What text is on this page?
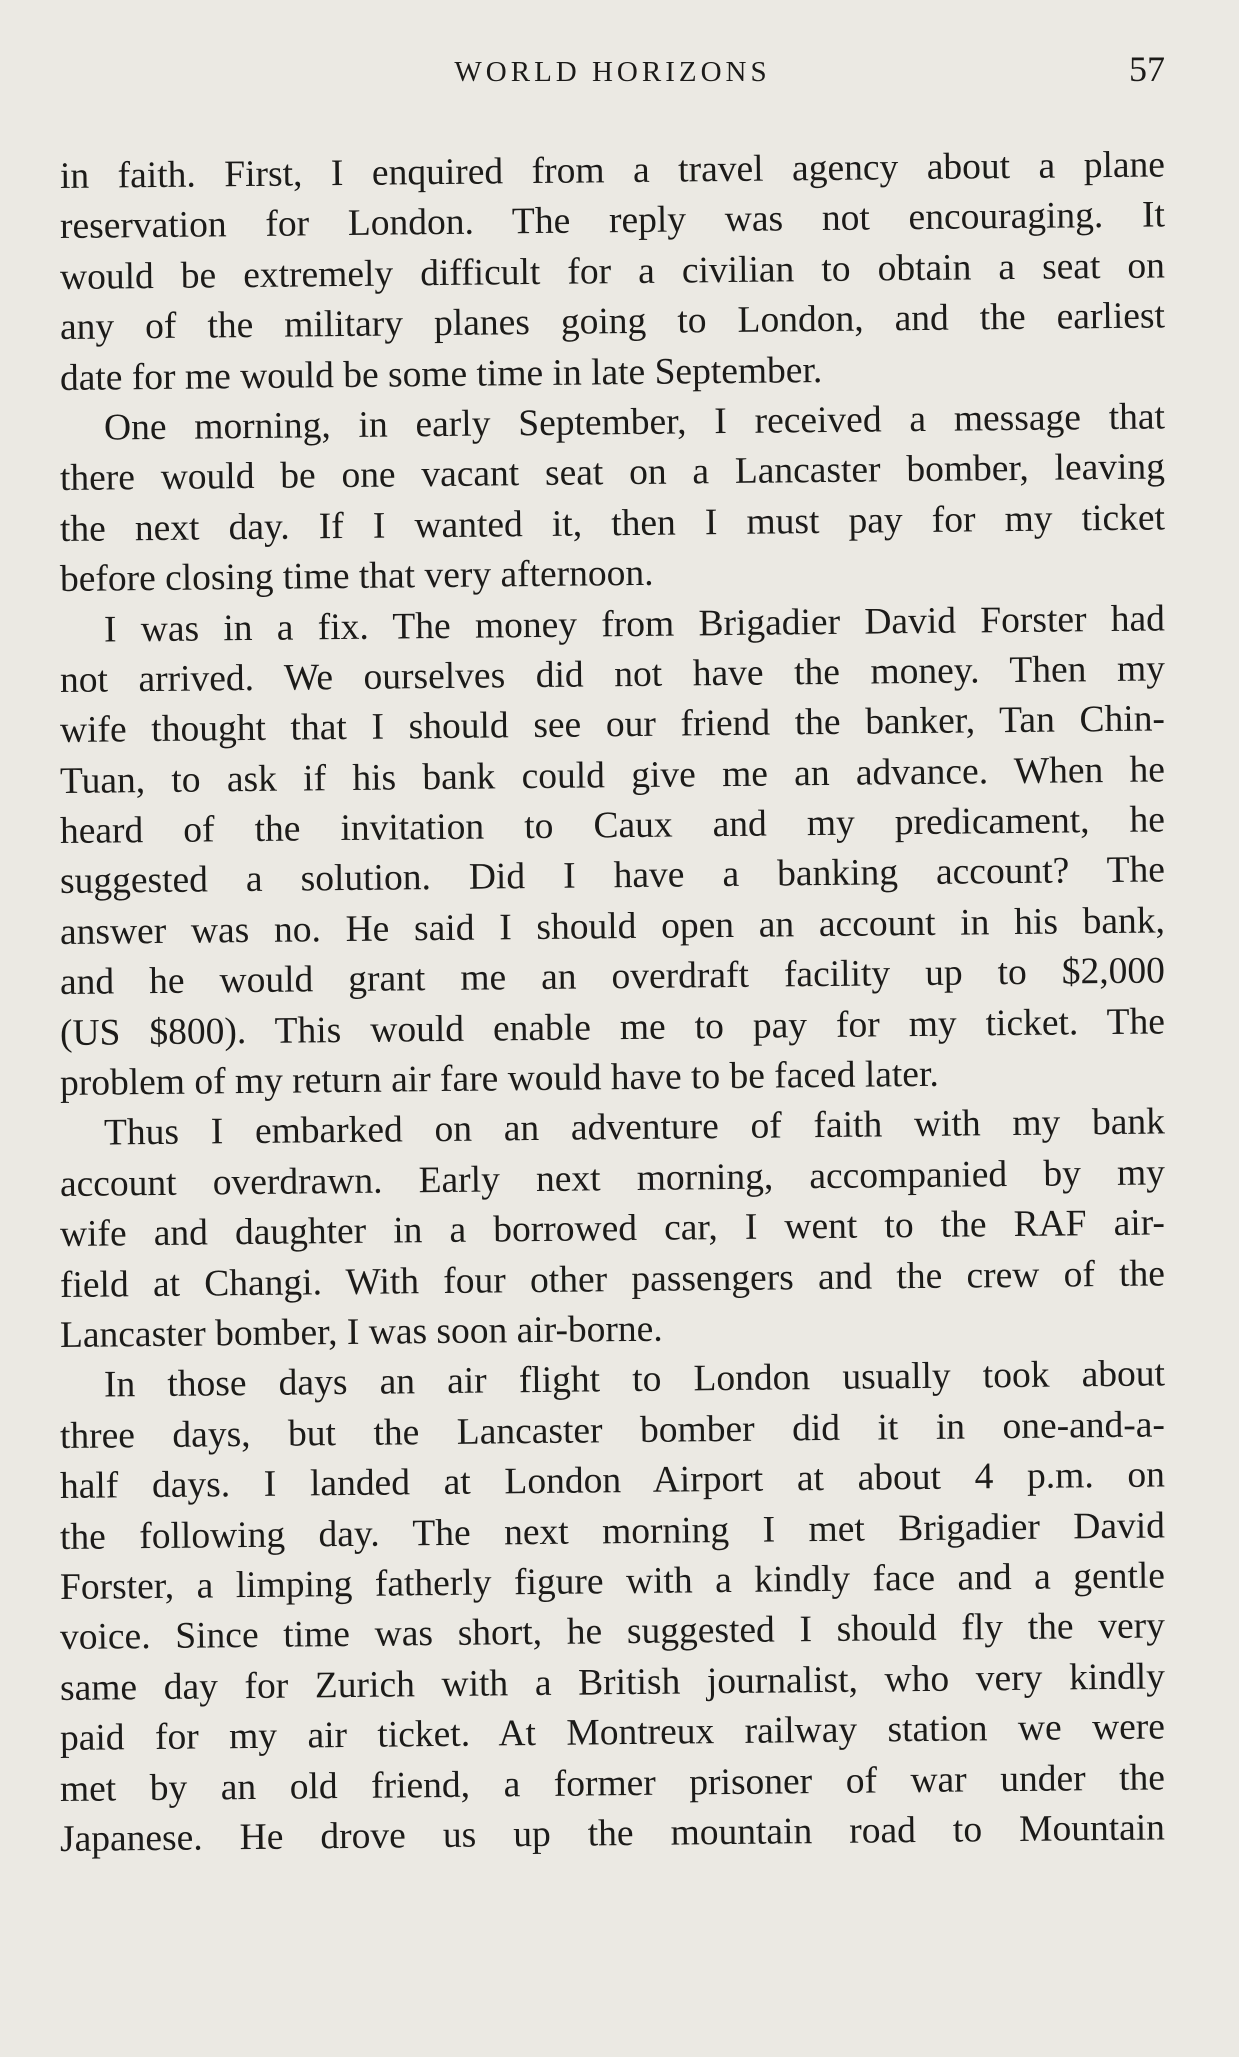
WORLD HORIZONS	57
in faith. First, I enquired from a travel agency about a plane
reservation for London. The reply was not encouraging. It
would be extremely difficult for a civilian to obtain a seat on
any of the military planes going to London, and the earliest
date for me would be some time in late September.
One morning, in early September, I received a message that
there would be one vacant seat on a Lancaster bomber, leaving
the next day. If I wanted it, then I must pay for my ticket
before closing time that very afternoon.
I was in a fix. The money from Brigadier David Forster had
not arrived. We ourselves did not have the money. Then my
wife thought that I should see our friend the banker, Tan Chin-
Tuan, to ask if his bank could give me an advance. When he
heard of the invitation to Caux and my predicament, he
suggested a solution. Did I have a banking account? The
answer was no. He said I should open an account in his bank,
and he would grant me an overdraft facility up to $2,000
(US $800). This would enable me to pay for my ticket. The
problem of my return air fare would have to be faced later.
Thus I embarked on an adventure of faith with my bank
account overdrawn. Early next morning, accompanied by my
wife and daughter in a borrowed car, I went to the RAF air-
field at Changi. With four other passengers and the crew of the
Lancaster bomber, I was soon air-borne.
In those days an air flight to London usually took about
three days, but the Lancaster bomber did it in one-and-a-
half days. I landed at London Airport at about 4 p.m. on
the following day. The next morning I met Brigadier David
Forster, a limping fatherly figure with a kindly face and a gentle
voice. Since time was short, he suggested I should fly the very
same day for Zurich with a British journalist, who very kindly
paid for my air ticket. At Montreux railway station we were
met by an old friend, a former prisoner of war under the
Japanese. He drove us up the mountain road to Mountain
